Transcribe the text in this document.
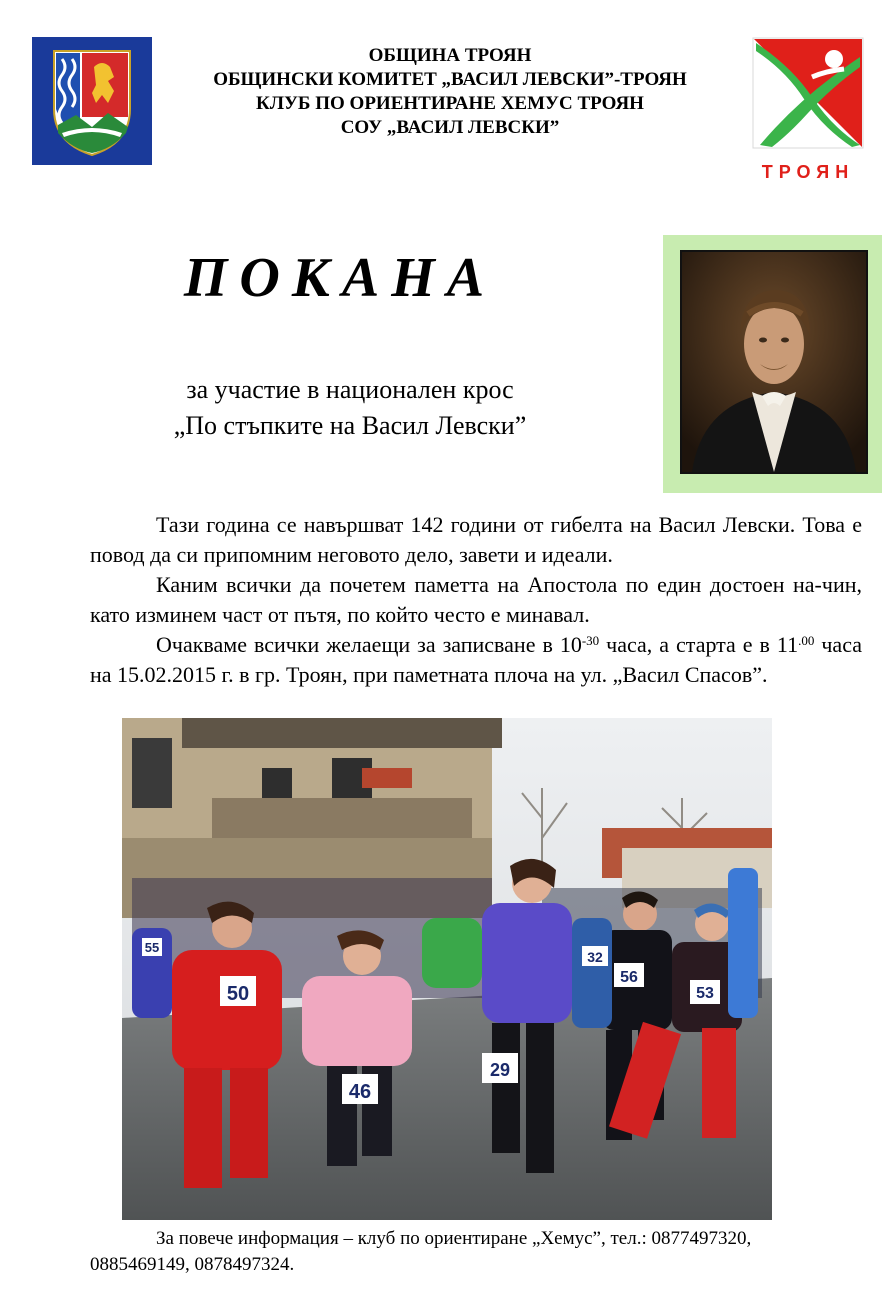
ОБЩИНА ТРОЯН
ОБЩИНСКИ КОМИТЕТ „ВАСИЛ ЛЕВСКИ”-ТРОЯН
КЛУБ ПО ОРИЕНТИРАНЕ ХЕМУС ТРОЯН
СОУ „ВАСИЛ ЛЕВСКИ”
ТРОЯН
ПОКАНА
за участие в национален крос
„По стъпките на Васил Левски”

Тази година се навършват 142 години от гибелта на Васил Левски. Това е повод да си припомним неговото дело, завети и идеали.

Каним всички да почетем паметта на Апостола по един достоен на-чин, като изминем част от пътя, по който често е минавал.

Очакваме всички желаещи за записване в $10^{-30}$ часа, а старта е в $11^{.00}$ часа на 15.02.2015 г. в гр. Троян, при паметната плоча на ул. „Васил Спасов”.

55
50
46
29
56
32
53
За повече информация – клуб по ориентиране „Хемус”, тел.: 0877497320,
0885469149, 0878497324.
